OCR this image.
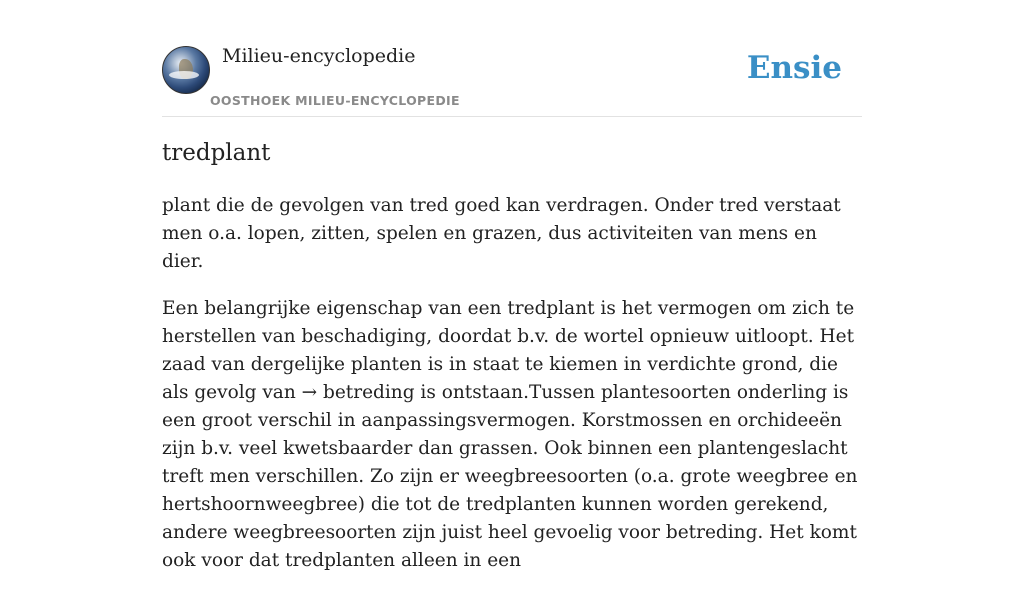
Milieu-encyclopedie
OOSTHOEK MILIEU-ENCYCLOPEDIE
Ensie
tredplant

plant die de gevolgen van tred goed kan verdragen. Onder tred verstaat men o.a. lopen, zitten, spelen en grazen, dus activiteiten van mens en dier.

Een belangrijke eigenschap van een tredplant is het vermogen om zich te herstellen van beschadiging, doordat b.v. de wortel opnieuw uitloopt. Het zaad van dergelijke planten is in staat te kiemen in verdichte grond, die als gevolg van → betreding is ontstaan.Tussen plantesoorten onderling is een groot verschil in aanpassingsvermogen. Korstmossen en orchideeën zijn b.v. veel kwetsbaarder dan grassen. Ook binnen een plantengeslacht treft men verschillen. Zo zijn er weegbreesoorten (o.a. grote weegbree en hertshoornweegbree) die tot de tredplanten kunnen worden gerekend, andere weegbreesoorten zijn juist heel gevoelig voor betreding. Het komt ook voor dat tredplanten alleen in een
